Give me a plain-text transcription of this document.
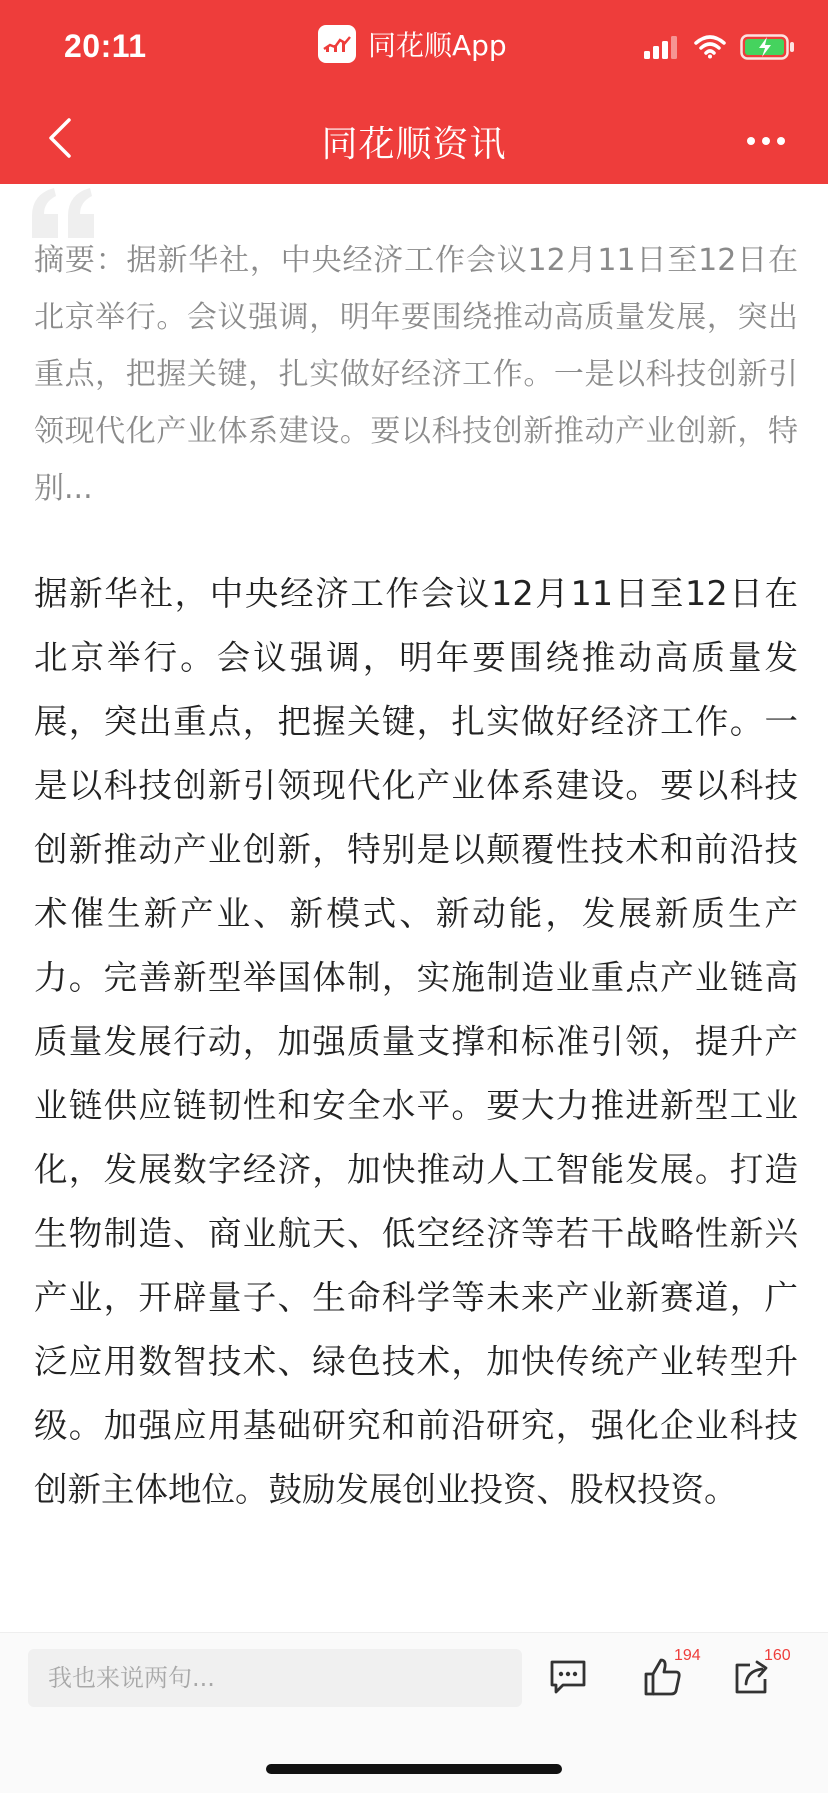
20:11	同花顺App
同花顺资讯

摘要：据新华社，中央经济工作会议12月11日至12日在北京举行。会议强调，明年要围绕推动高质量发展，突出重点，把握关键，扎实做好经济工作。一是以科技创新引领现代化产业体系建设。要以科技创新推动产业创新，特别...

据新华社，中央经济工作会议12月11日至12日在北京举行。会议强调，明年要围绕推动高质量发展，突出重点，把握关键，扎实做好经济工作。一是以科技创新引领现代化产业体系建设。要以科技创新推动产业创新，特别是以颠覆性技术和前沿技术催生新产业、新模式、新动能，发展新质生产力。完善新型举国体制，实施制造业重点产业链高质量发展行动，加强质量支撑和标准引领，提升产业链供应链韧性和安全水平。要大力推进新型工业化，发展数字经济，加快推动人工智能发展。打造生物制造、商业航天、低空经济等若干战略性新兴产业，开辟量子、生命科学等未来产业新赛道，广泛应用数智技术、绿色技术，加快传统产业转型升级。加强应用基础研究和前沿研究，强化企业科技创新主体地位。鼓励发展创业投资、股权投资。

我也来说两句...
194	160
